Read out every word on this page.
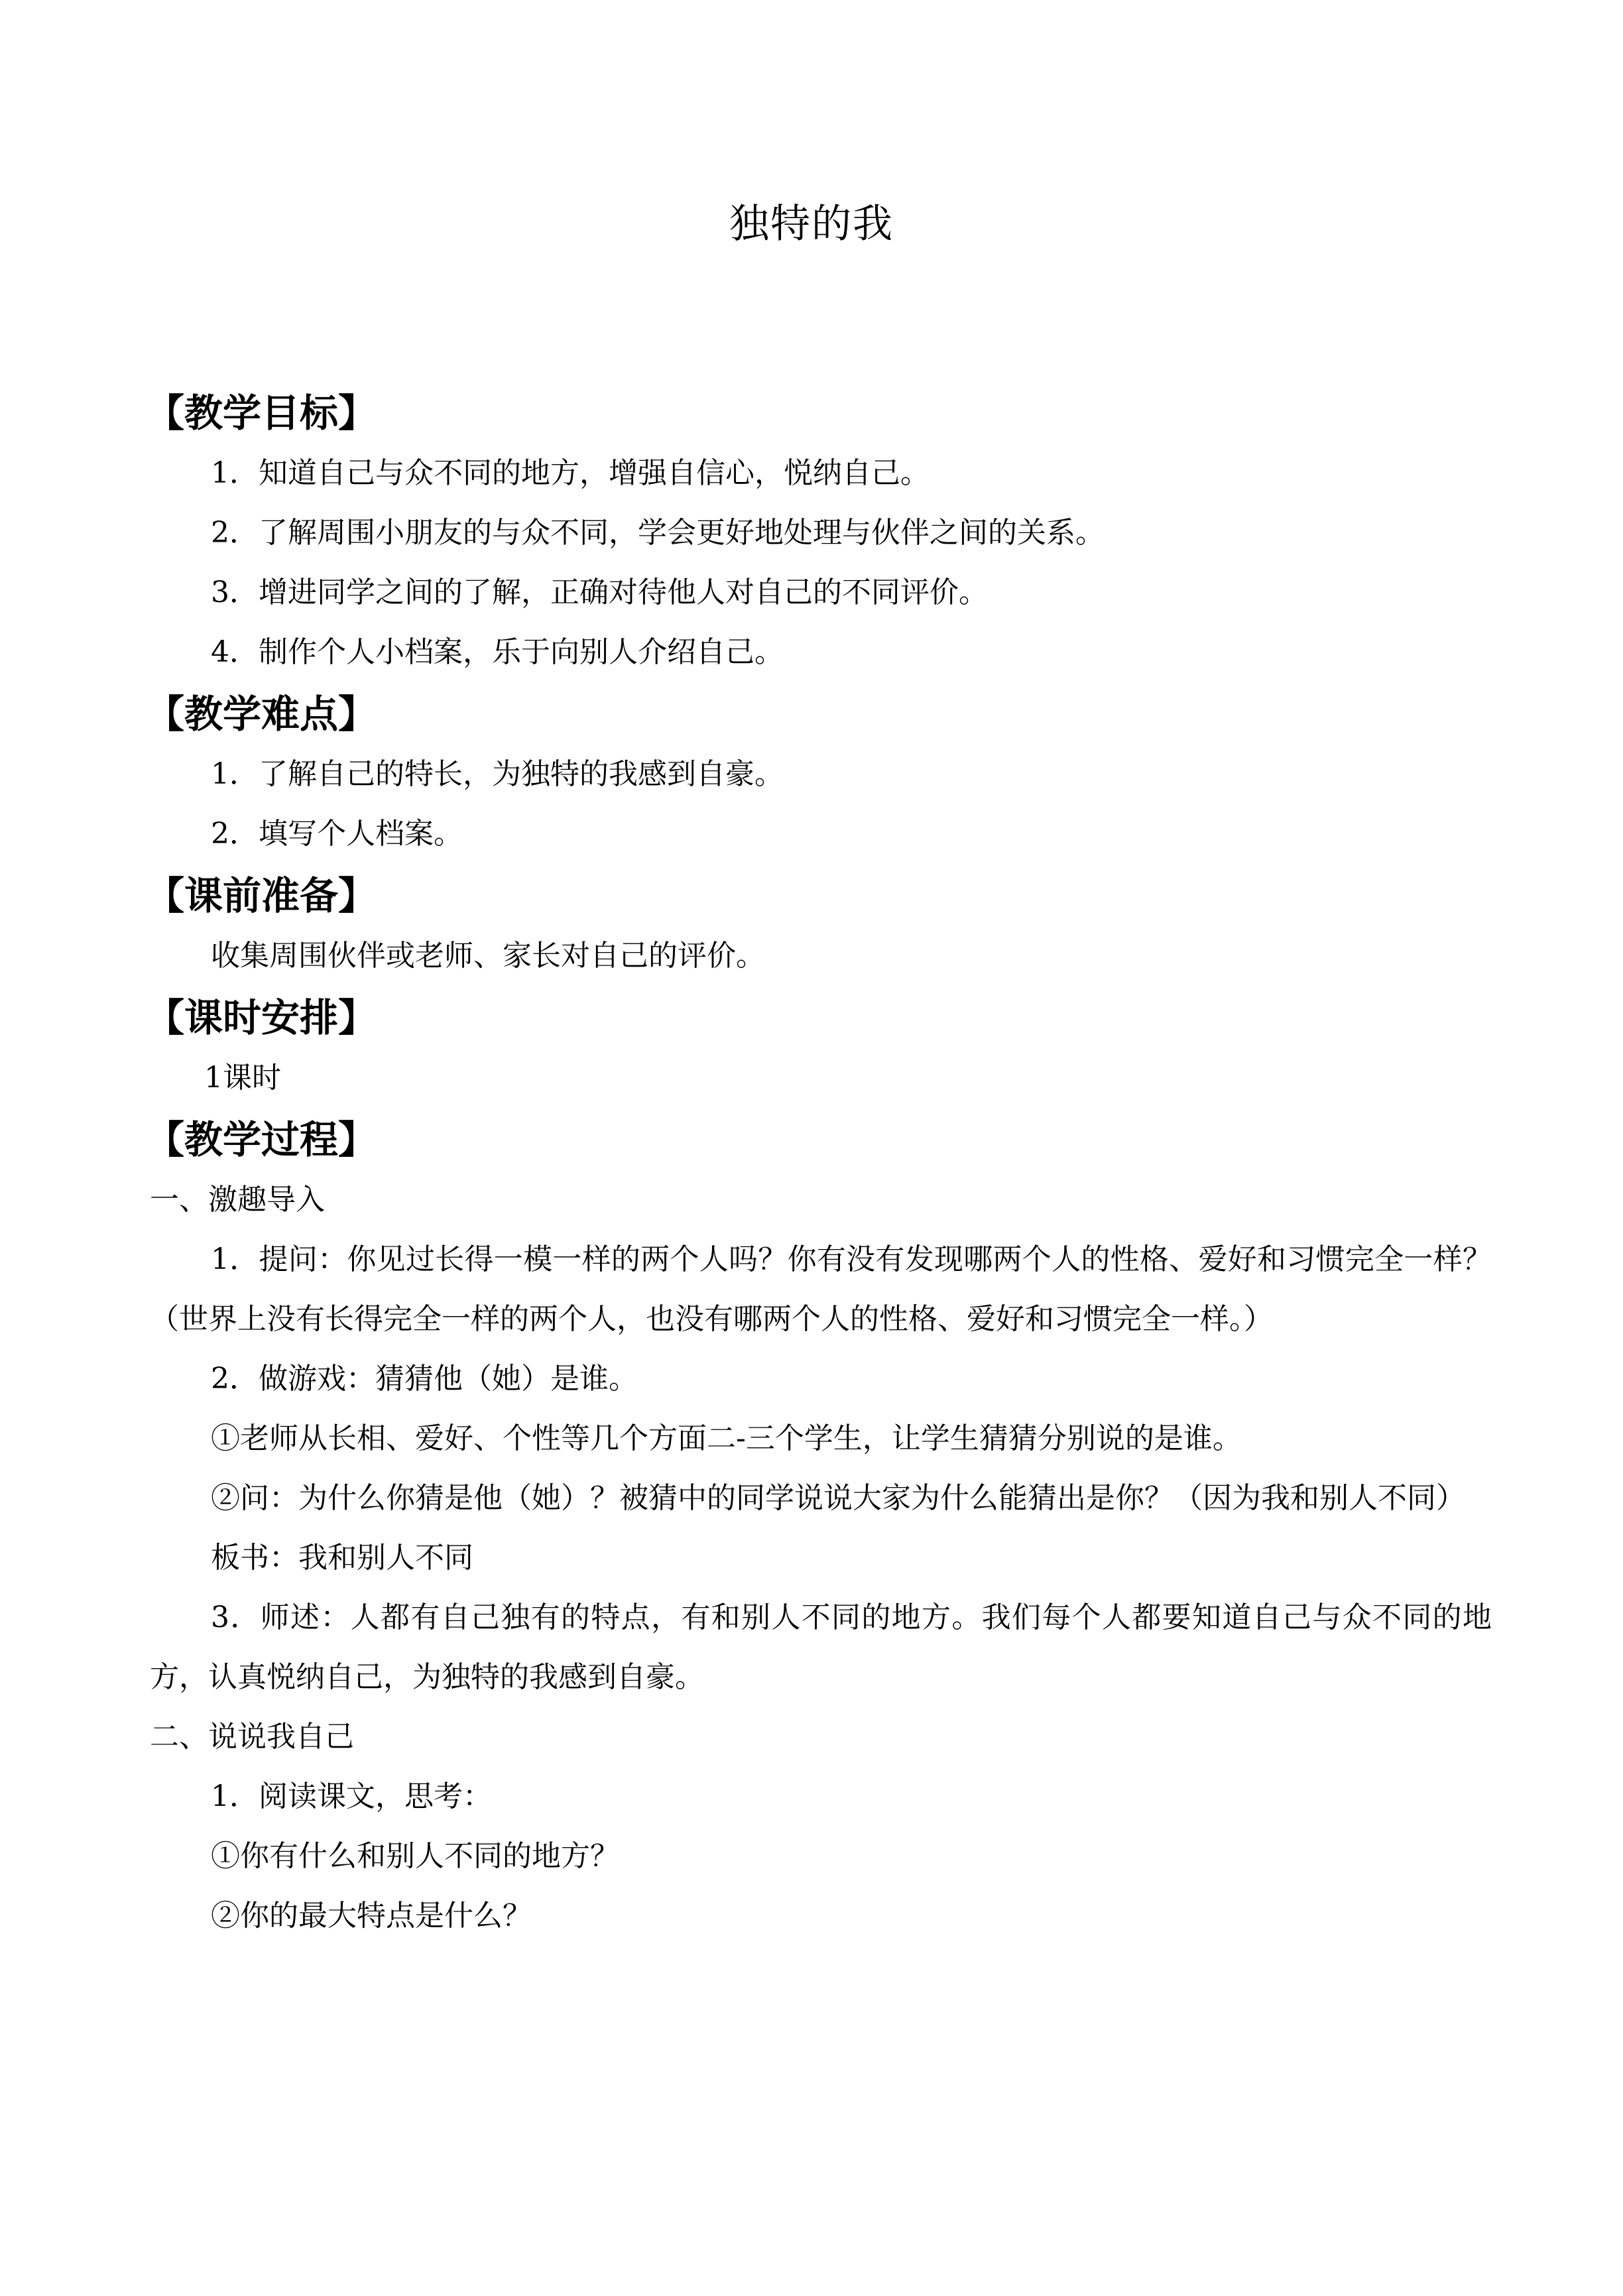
独特的我
【教学目标】

1．知道自己与众不同的地方，增强自信心，悦纳自己。

2．了解周围小朋友的与众不同，学会更好地处理与伙伴之间的关系。

3．增进同学之间的了解，正确对待他人对自己的不同评价。

4．制作个人小档案，乐于向别人介绍自己。

【教学难点】

1．了解自己的特长，为独特的我感到自豪。

2．填写个人档案。

【课前准备】

收集周围伙伴或老师、家长对自己的评价。

【课时安排】

1课时

【教学过程】

一、激趣导入

1．提问：你见过长得一模一样的两个人吗？你有没有发现哪两个人的性格、爱好和习惯完全一样？（世界上没有长得完全一样的两个人，也没有哪两个人的性格、爱好和习惯完全一样。）

2．做游戏：猜猜他（她）是谁。

①老师从长相、爱好、个性等几个方面二-三个学生，让学生猜猜分别说的是谁。

②问：为什么你猜是他（她）？被猜中的同学说说大家为什么能猜出是你？（因为我和别人不同）

板书：我和别人不同

3．师述：人都有自己独有的特点，有和别人不同的地方。我们每个人都要知道自己与众不同的地方，认真悦纳自己，为独特的我感到自豪。

二、说说我自己

1．阅读课文，思考：

①你有什么和别人不同的地方？

②你的最大特点是什么？
